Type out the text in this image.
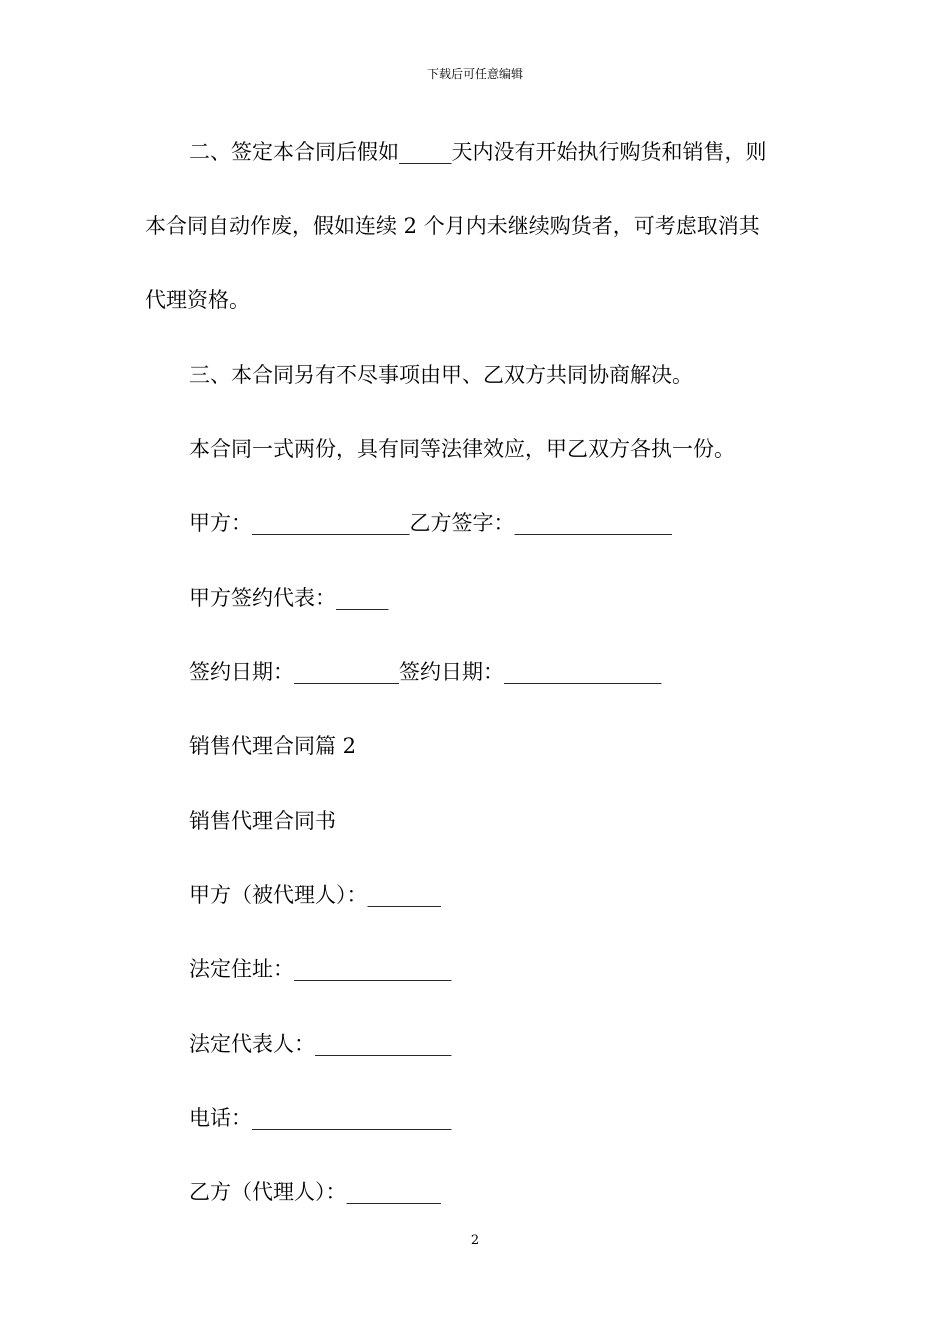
下载后可任意编辑
二、签定本合同后假如_____天内没有开始执行购货和销售，则
本合同自动作废，假如连续 2 个月内未继续购货者，可考虑取消其
代理资格。
三、本合同另有不尽事项由甲、乙双方共同协商解决。
本合同一式两份，具有同等法律效应，甲乙双方各执一份。
甲方：_______________乙方签字：_______________
甲方签约代表：_____
签约日期：__________签约日期：_______________
销售代理合同篇 2
销售代理合同书
甲方（被代理人）：_______
法定住址：_______________
法定代表人：_____________
电话：___________________
乙方（代理人）：_________
2
